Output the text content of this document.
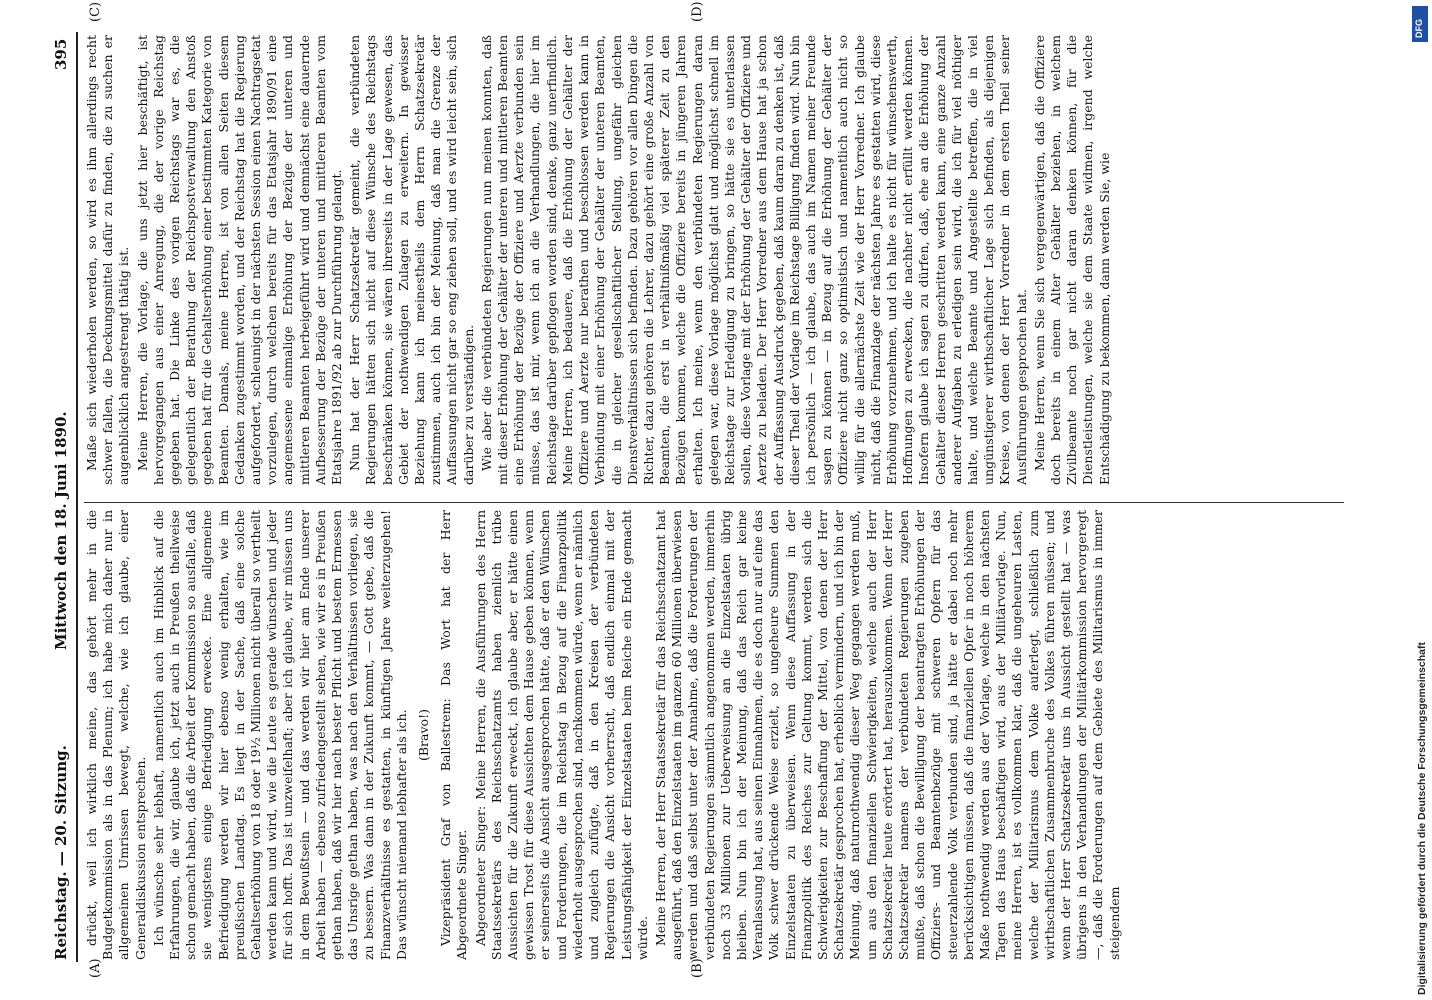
Reichstag. — 20. Sitzung.
Mittwoch den 18. Juni 1890.
395
(A)	(B)
(C)	(D)

drückt, weil ich wirklich meine, das gehört mehr in die Budgetkommission als in das Plenum; ich habe mich daher nur in allgemeinen Umrissen bewegt, welche, wie ich glaube, einer Generaldiskussion entsprechen. Ich wünsche sehr lebhaft, namentlich auch im Hinblick auf die Erfahrungen, die wir, glaube ich, jetzt auch in Preußen theilweise schon gemacht haben, daß die Arbeit der Kommission so ausfalle, daß sie wenigstens einige Befriedigung erwecke. Eine allgemeine Befriedigung werden wir hier ebenso wenig erhalten, wie im preußischen Landtag. Es liegt in der Sache, daß eine solche Gehaltserhöhung von 18 oder 19½ Millionen nicht überall so vertheilt werden kann und wird, wie die Leute es gerade wünschen und jeder für sich hofft. Das ist unzweifelhaft; aber ich glaube, wir müssen uns in dem Bewußtsein — und das werden wir hier am Ende unserer Arbeit haben — ebenso zufriedengestellt sehen, wie wir es in Preußen gethan haben, daß wir hier nach bester Pflicht und bestem Ermessen das Unsrige gethan haben, was nach den Verhältnissen vorliegen, sie zu bessern. Was dann in der Zukunft kommt, — Gott gebe, daß die Finanzverhältnisse es gestatten, in künftigen Jahre weiterzugehen! Das wünscht niemand lebhafter als ich. (Bravo!) Vizepräsident Graf von Ballestrem: Das Wort hat der Herr Abgeordnete Singer. Abgeordneter Singer: Meine Herren, die Ausführungen des Herrn Staatssekretärs des Reichsschatzamts haben ziemlich trübe Aussichten für die Zukunft erweckt, ich glaube aber, er hätte einen gewissen Trost für diese Aussichten dem Hause geben können, wenn er seinerseits die Ansicht ausgesprochen hätte, daß er den Wünschen und Forderungen, die im Reichstag in Bezug auf die Finanzpolitik wiederholt ausgesprochen sind, nachkommen würde, wenn er nämlich und zugleich zufügte, daß in den Kreisen der verbündeten Regierungen die Ansicht vorherrscht, daß endlich einmal mit der Leistungsfähigkeit der Einzelstaaten beim Reiche ein Ende gemacht würde. Meine Herren, der Herr Staatssekretär für das Reichsschatzamt hat ausgeführt, daß den Einzelstaaten im ganzen 60 Millionen überwiesen werden und daß selbst unter der Annahme, daß die Forderungen der verbündeten Regierungen sämmtlich angenommen werden, immerhin noch 33 Millionen zur Ueberweisung an die Einzelstaaten übrig bleiben. Nun bin ich der Meinung, daß das Reich gar keine Veranlassung hat, aus seinen Einnahmen, die es doch nur auf eine das Volk schwer drückende Weise erzielt, so ungeheure Summen den Einzelstaaten zu überweisen. Wenn diese Auffassung in der Finanzpolitik des Reiches zur Geltung kommt, werden sich die Schwierigkeiten zur Beschaffung der Mittel, von denen der Herr Schatzsekretär gesprochen hat, erheblich vermindern, und ich bin der Meinung, daß naturnothwendig dieser Weg gegangen werden muß, um aus den finanziellen Schwierigkeiten, welche auch der Herr Schatzsekretär heute erörtert hat, herauszukommen. Wenn der Herr Schatzsekretär namens der verbündeten Regierungen zugeben mußte, daß schon die Bewilligung der beantragten Erhöhungen der Offiziers- und Beamtenbezüge mit schweren Opfern für das steuerzahlende Volk verbunden sind, ja hätte er dabei noch mehr berücksichtigen müssen, daß die finanziellen Opfer in noch höherem Maße nothwendig werden aus der Vorlage, welche in den nächsten Tagen das Haus beschäftigen wird, aus der Militärvorlage. Nun, meine Herren, ist es vollkommen klar, daß die ungeheuren Lasten, welche der Militarismus dem Volke auferlegt, schließlich zum wirthschaftlichen Zusammenbruche des Volkes führen müssen; und wenn der Herr Schatzsekretär uns in Aussicht gestellt hat — was übrigens in den Verhandlungen der Militärkommission hervorgeregt —, daß die Forderungen auf dem Gebiete des Militarismus in immer steigendem

Maße sich wiederholen werden, so wird es ihm allerdings recht schwer fallen, die Deckungsmittel dafür zu finden, die zu suchen er augenblicklich angestrengt thätig ist. Meine Herren, die Vorlage, die uns jetzt hier beschäftigt, ist hervorgegangen aus einer Anregung, die der vorige Reichstag gegeben hat. Die Linke des vorigen Reichstags war es, die gelegentlich der Berathung der Reichspostverwaltung den Anstoß gegeben hat für die Gehaltserhöhung einer bestimmten Kategorie von Beamten. Damals, meine Herren, ist von allen Seiten diesem Gedanken zugestimmt worden, und der Reichstag hat die Regierung aufgefordert, schleunigst in der nächsten Session einen Nachtragsetat vorzulegen, durch welchen bereits für das Etatsjahr 1890/91 eine angemessene einmalige Erhöhung der Bezüge der unteren und mittleren Beamten herbeigeführt wird und demnächst eine dauernde Aufbesserung der Bezüge der unteren und mittleren Beamten vom Etatsjahre 1891/92 ab zur Durchführung gelangt. Nun hat der Herr Schatzsekretär gemeint, die verbündeten Regierungen hätten sich nicht auf diese Wünsche des Reichstags beschränken können, sie wären ihrerseits in der Lage gewesen, das Gebiet der nothwendigen Zulagen zu erweitern. In gewisser Beziehung kann ich meinestheils dem Herrn Schatzsekretär zustimmen, auch ich bin der Meinung, daß man die Grenze der Auffassungen nicht gar so eng ziehen soll, und es wird leicht sein, sich darüber zu verständigen. Wie aber die verbündeten Regierungen nun meinen konnten, daß mit dieser Erhöhung der Gehälter der unteren und mittleren Beamten eine Erhöhung der Bezüge der Offiziere und Aerzte verbunden sein müsse, das ist mir, wenn ich an die Verhandlungen, die hier im Reichstage darüber gepflogen worden sind, denke, ganz unerfindlich. Meine Herren, ich bedauere, daß die Erhöhung der Gehälter der Offiziere und Aerzte nur berathen und beschlossen werden kann in Verbindung mit einer Erhöhung der Gehälter der unteren Beamten, die in gleicher gesellschaftlicher Stellung, ungefähr gleichen Dienstverhältnissen sich befinden. Dazu gehören vor allen Dingen die Richter, dazu gehören die Lehrer, dazu gehört eine große Anzahl von Beamten, die erst in verhältnißmäßig viel späterer Zeit zu den Bezügen kommen, welche die Offiziere bereits in jüngeren Jahren erhalten. Ich meine, wenn den verbündeten Regierungen daran gelegen war, diese Vorlage möglichst glatt und möglichst schnell im Reichstage zur Erledigung zu bringen, so hätte sie es unterlassen sollen, diese Vorlage mit der Erhöhung der Gehälter der Offiziere und Aerzte zu beladen. Der Herr Vorredner aus dem Hause hat ja schon der Auffassung Ausdruck gegeben, daß kaum daran zu denken ist, daß dieser Theil der Vorlage im Reichstage Billigung finden wird. Nun bin ich persönlich — ich glaube, das auch im Namen meiner Freunde sagen zu können — in Bezug auf die Erhöhung der Gehälter der Offiziere nicht ganz so optimistisch und namentlich auch nicht so willig für die allernächste Zeit wie der Herr Vorredner. Ich glaube nicht, daß die Finanzlage der nächsten Jahre es gestatten wird, diese Erhöhung vorzunehmen, und ich halte es nicht für wünschenswerth, Hoffnungen zu erwecken, die nachher nicht erfüllt werden können. Insofern glaube ich sagen zu dürfen, daß, ehe an die Erhöhung der Gehälter dieser Herren geschritten werden kann, eine ganze Anzahl anderer Aufgaben zu erledigen sein wird, die ich für viel nöthiger halte, und welche Beamte und Angestellte betreffen, die in viel ungünstigerer wirthschaftlicher Lage sich befinden, als diejenigen Kreise, von denen der Herr Vorredner in dem ersten Theil seiner Ausführungen gesprochen hat. Meine Herren, wenn Sie sich vergegenwärtigen, daß die Offiziere doch bereits in einem Alter Gehälter beziehen, in welchem Zivilbeamte noch gar nicht daran denken können, für die Dienstleistungen, welche sie dem Staate widmen, irgend welche Entschädigung zu bekommen, dann werden Sie, wie

DFG
Digitalisierung gefördert durch die Deutsche Forschungsgemeinschaft
